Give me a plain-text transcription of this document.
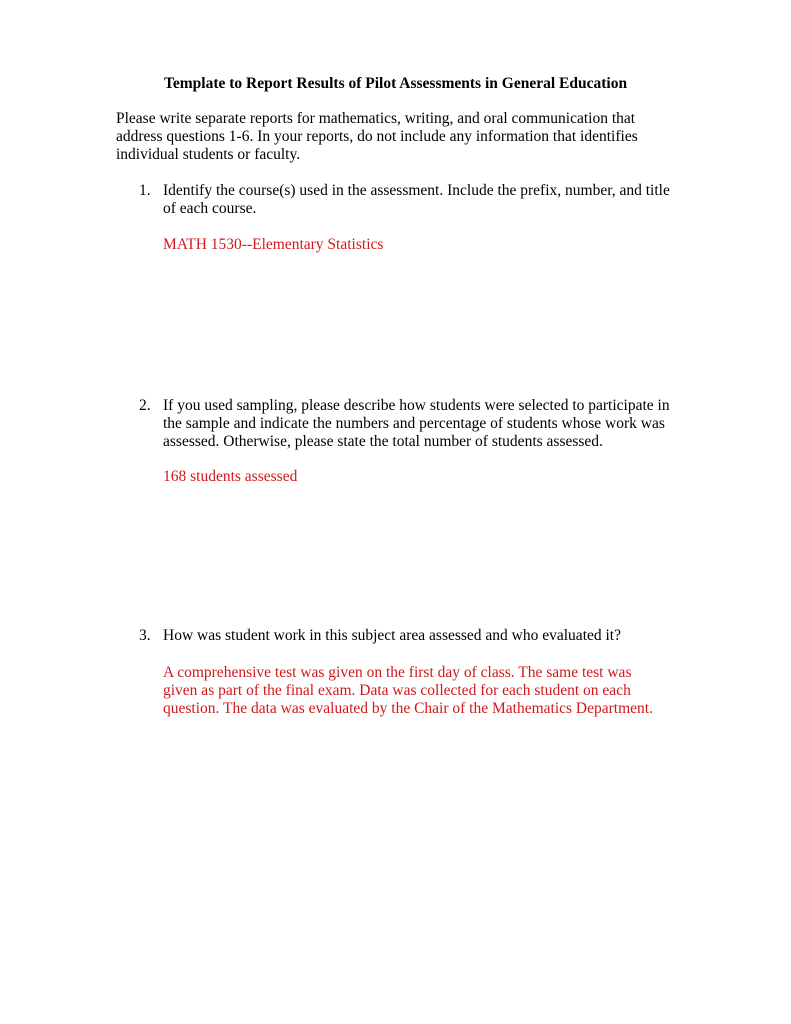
Template to Report Results of Pilot Assessments in General Education
Please write separate reports for mathematics, writing, and oral communication that
address questions 1-6. In your reports, do not include any information that identifies
individual students or faculty.
1. Identify the course(s) used in the assessment. Include the prefix, number, and title
of each course.
MATH 1530--Elementary Statistics
2. If you used sampling, please describe how students were selected to participate in
the sample and indicate the numbers and percentage of students whose work was
assessed. Otherwise, please state the total number of students assessed.
168 students assessed
3. How was student work in this subject area assessed and who evaluated it?
A comprehensive test was given on the first day of class. The same test was
given as part of the final exam. Data was collected for each student on each
question. The data was evaluated by the Chair of the Mathematics Department.
